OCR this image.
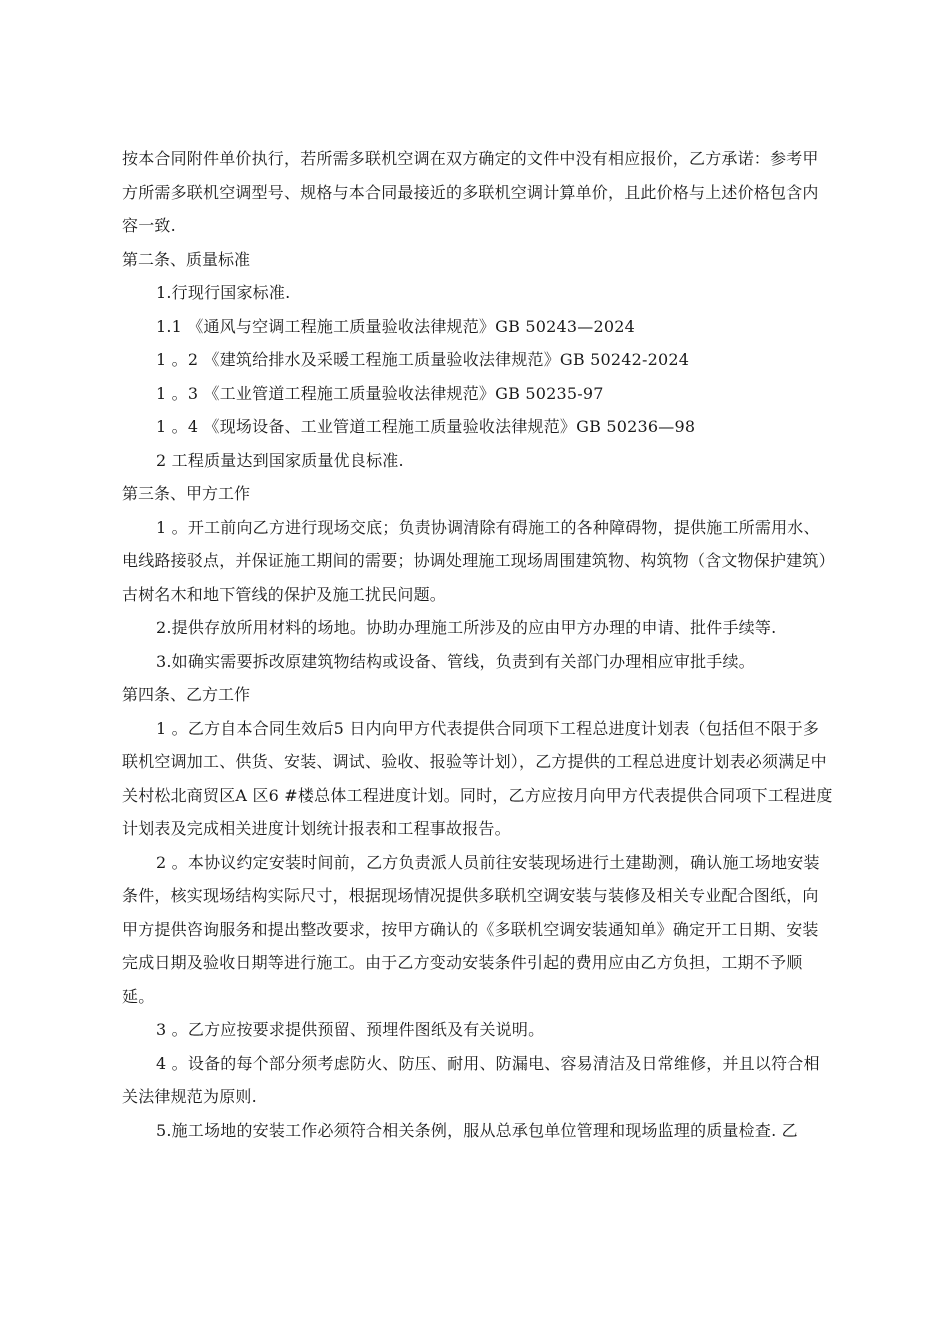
按本合同附件单价执行，若所需多联机空调在双方确定的文件中没有相应报价，乙方承诺：参考甲方所需多联机空调型号、规格与本合同最接近的多联机空调计算单价，且此价格与上述价格包含内容一致.

第二条、质量标准

1.行现行国家标准.

1.1 《通风与空调工程施工质量验收法律规范》GB 50243—2024

1 。2 《建筑给排水及采暖工程施工质量验收法律规范》GB 50242-2024

1 。3 《工业管道工程施工质量验收法律规范》GB 50235-97

1 。4 《现场设备、工业管道工程施工质量验收法律规范》GB 50236—98

2 工程质量达到国家质量优良标准.

第三条、甲方工作

1 。开工前向乙方进行现场交底；负责协调清除有碍施工的各种障碍物，提供施工所需用水、电线路接驳点，并保证施工期间的需要；协调处理施工现场周围建筑物、构筑物（含文物保护建筑）古树名木和地下管线的保护及施工扰民问题。

2.提供存放所用材料的场地。协助办理施工所涉及的应由甲方办理的申请、批件手续等.

3.如确实需要拆改原建筑物结构或设备、管线，负责到有关部门办理相应审批手续。

第四条、乙方工作

1 。乙方自本合同生效后5 日内向甲方代表提供合同项下工程总进度计划表（包括但不限于多联机空调加工、供货、安装、调试、验收、报验等计划），乙方提供的工程总进度计划表必须满足中关村松北商贸区A 区6 #楼总体工程进度计划。同时，乙方应按月向甲方代表提供合同项下工程进度计划表及完成相关进度计划统计报表和工程事故报告。

2 。本协议约定安装时间前，乙方负责派人员前往安装现场进行土建勘测，确认施工场地安装条件，核实现场结构实际尺寸，根据现场情况提供多联机空调安装与装修及相关专业配合图纸，向甲方提供咨询服务和提出整改要求，按甲方确认的《多联机空调安装通知单》确定开工日期、安装完成日期及验收日期等进行施工。由于乙方变动安装条件引起的费用应由乙方负担，工期不予顺延。

3 。乙方应按要求提供预留、预埋件图纸及有关说明。

4 。设备的每个部分须考虑防火、防压、耐用、防漏电、容易清洁及日常维修，并且以符合相关法律规范为原则.

5.施工场地的安装工作必须符合相关条例，服从总承包单位管理和现场监理的质量检查. 乙
